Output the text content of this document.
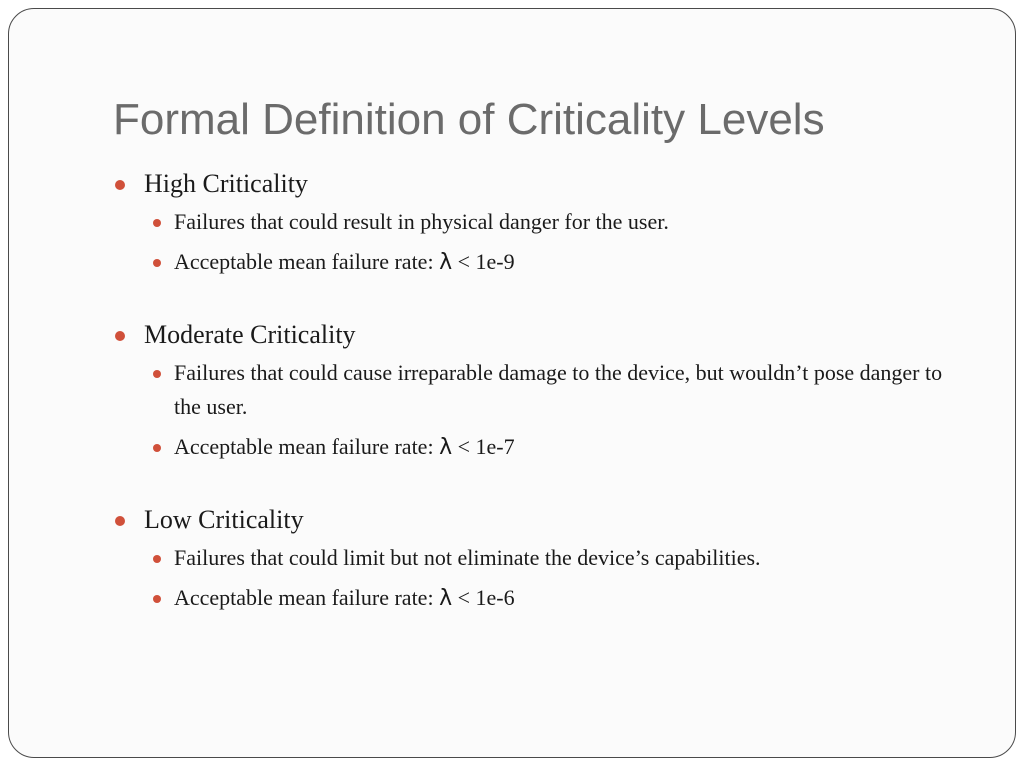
Formal Definition of Criticality Levels
High Criticality
Failures that could result in physical danger for the user.
Acceptable mean failure rate: λ < 1e-9
Moderate Criticality
Failures that could cause irreparable damage to the device, but wouldn’t pose danger to the user.
Acceptable mean failure rate: λ < 1e-7
Low Criticality
Failures that could limit but not eliminate the device’s capabilities.
Acceptable mean failure rate: λ < 1e-6
